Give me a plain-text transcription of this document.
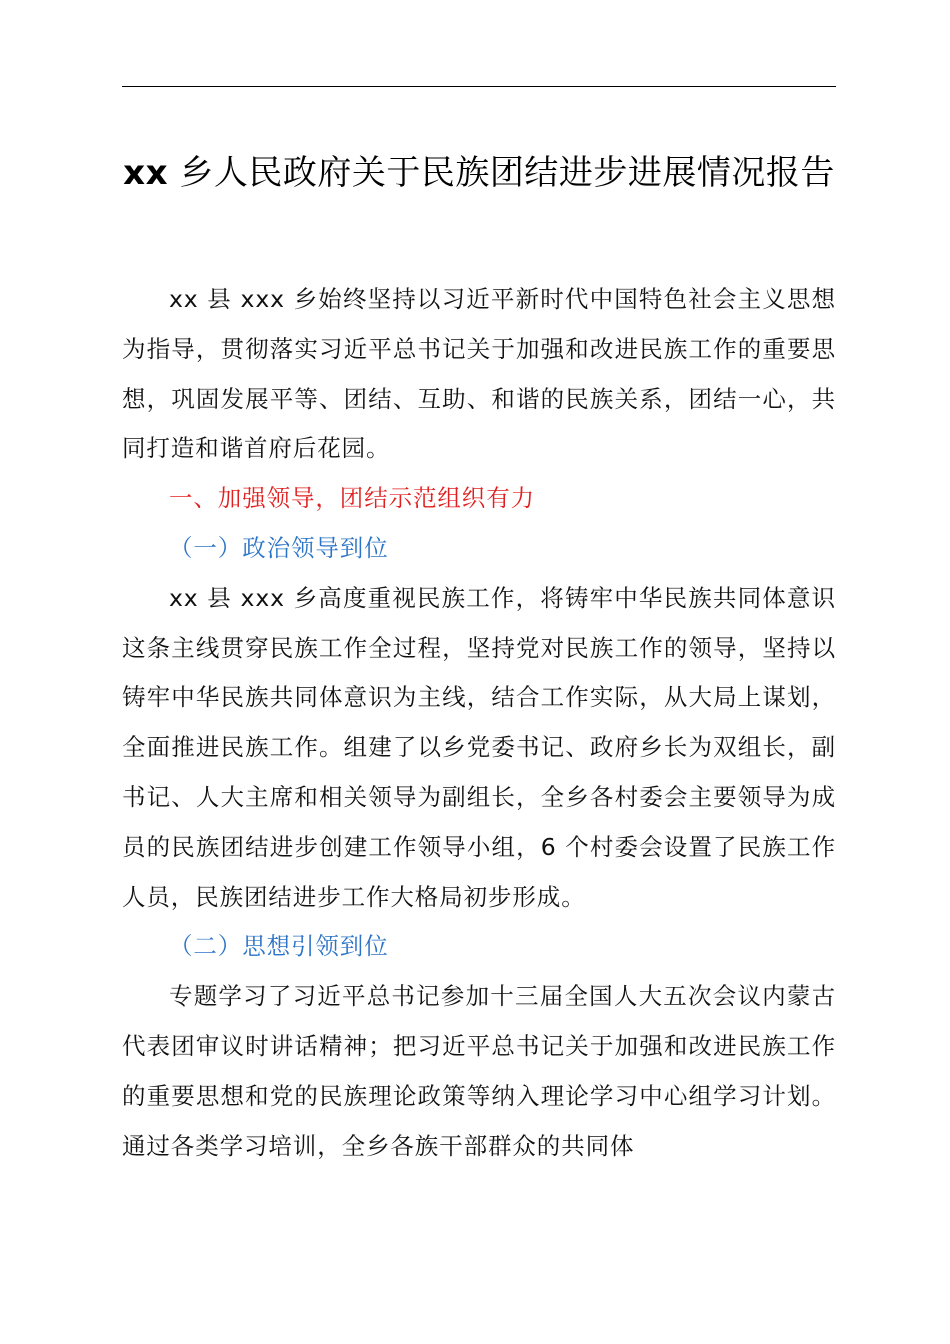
xx 乡人民政府关于民族团结进步进展情况报告

xx 县 xxx 乡始终坚持以习近平新时代中国特色社会主义思想为指导，贯彻落实习近平总书记关于加强和改进民族工作的重要思想，巩固发展平等、团结、互助、和谐的民族关系，团结一心，共同打造和谐首府后花园。

一、加强领导，团结示范组织有力

（一）政治领导到位

xx 县 xxx 乡高度重视民族工作，将铸牢中华民族共同体意识这条主线贯穿民族工作全过程，坚持党对民族工作的领导，坚持以铸牢中华民族共同体意识为主线，结合工作实际，从大局上谋划，全面推进民族工作。组建了以乡党委书记、政府乡长为双组长，副书记、人大主席和相关领导为副组长，全乡各村委会主要领导为成员的民族团结进步创建工作领导小组，6 个村委会设置了民族工作人员，民族团结进步工作大格局初步形成。

（二）思想引领到位

专题学习了习近平总书记参加十三届全国人大五次会议内蒙古代表团审议时讲话精神；把习近平总书记关于加强和改进民族工作的重要思想和党的民族理论政策等纳入理论学习中心组学习计划。通过各类学习培训，全乡各族干部群众的共同体
